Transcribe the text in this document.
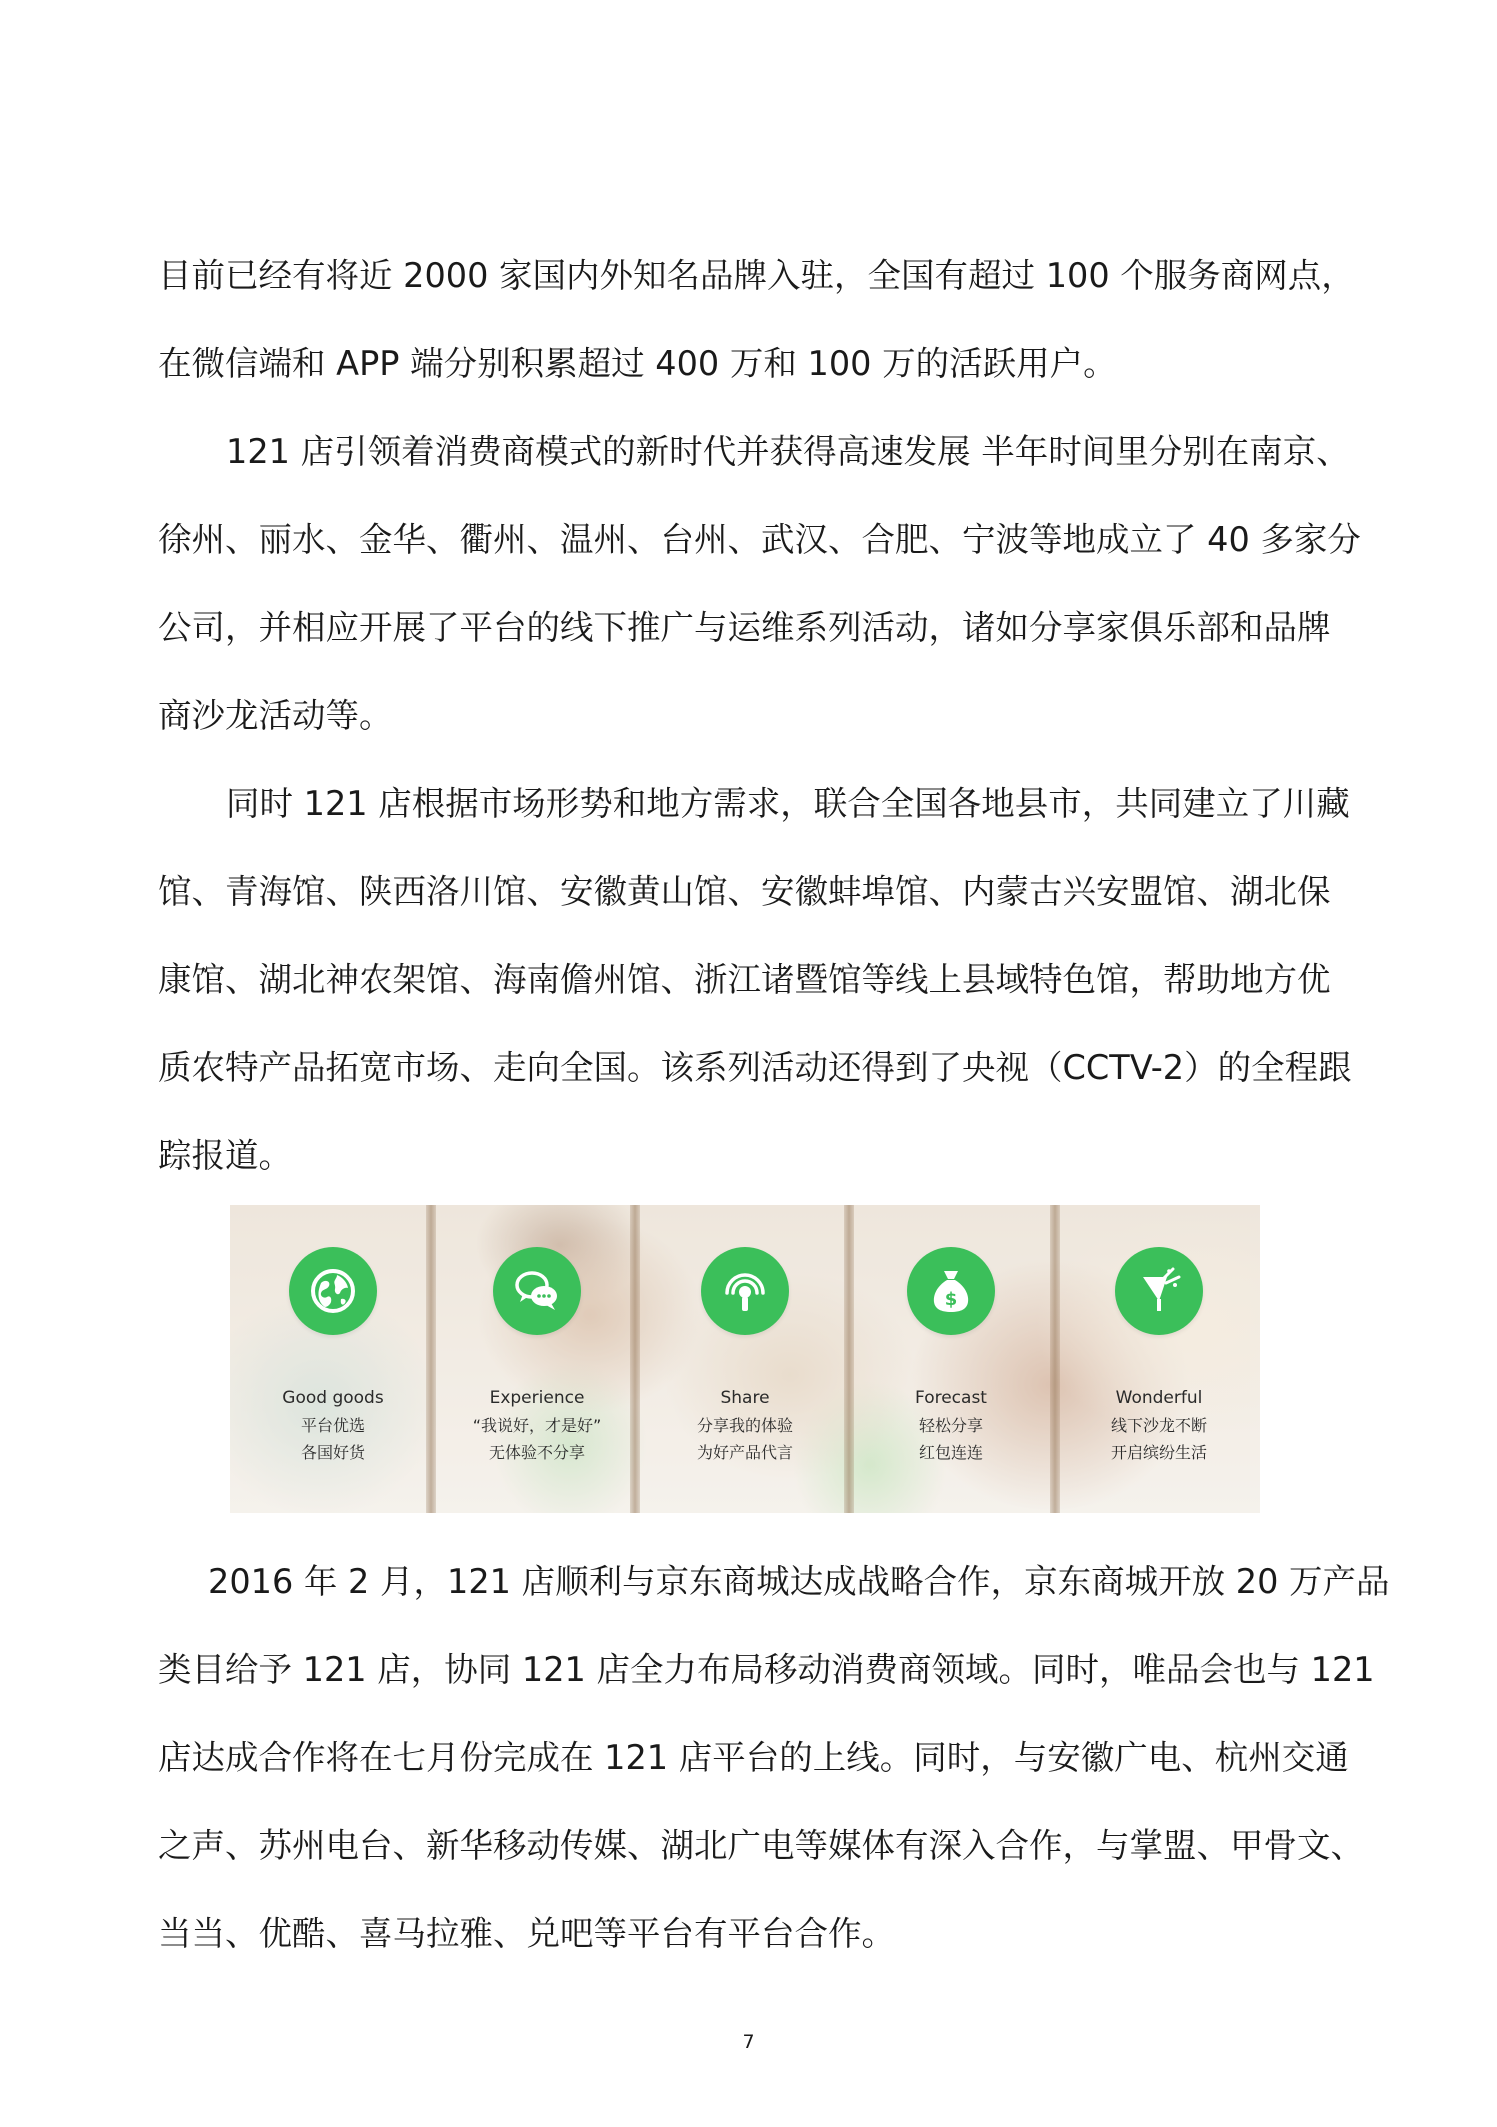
目前已经有将近 2000 家国内外知名品牌入驻，全国有超过 100 个服务商网点，
在微信端和 APP 端分别积累超过 400 万和 100 万的活跃用户。
121 店引领着消费商模式的新时代并获得高速发展 半年时间里分别在南京、
徐州、丽水、金华、衢州、温州、台州、武汉、合肥、宁波等地成立了 40 多家分
公司，并相应开展了平台的线下推广与运维系列活动，诸如分享家俱乐部和品牌
商沙龙活动等。
同时 121 店根据市场形势和地方需求，联合全国各地县市，共同建立了川藏
馆、青海馆、陕西洛川馆、安徽黄山馆、安徽蚌埠馆、内蒙古兴安盟馆、湖北保
康馆、湖北神农架馆、海南儋州馆、浙江诸暨馆等线上县域特色馆，帮助地方优
质农特产品拓宽市场、走向全国。该系列活动还得到了央视（CCTV-2）的全程跟
踪报道。
Good goods
平台优选
各国好货
Experience
“我说好，才是好”
无体验不分享
Share
分享我的体验
为好产品代言
$
Forecast
轻松分享
红包连连
Wonderful
线下沙龙不断
开启缤纷生活
2016 年 2 月，121 店顺利与京东商城达成战略合作，京东商城开放 20 万产品
类目给予 121 店，协同 121 店全力布局移动消费商领域。同时，唯品会也与 121
店达成合作将在七月份完成在 121 店平台的上线。同时，与安徽广电、杭州交通
之声、苏州电台、新华移动传媒、湖北广电等媒体有深入合作，与掌盟、甲骨文、
当当、优酷、喜马拉雅、兑吧等平台有平台合作。
7
